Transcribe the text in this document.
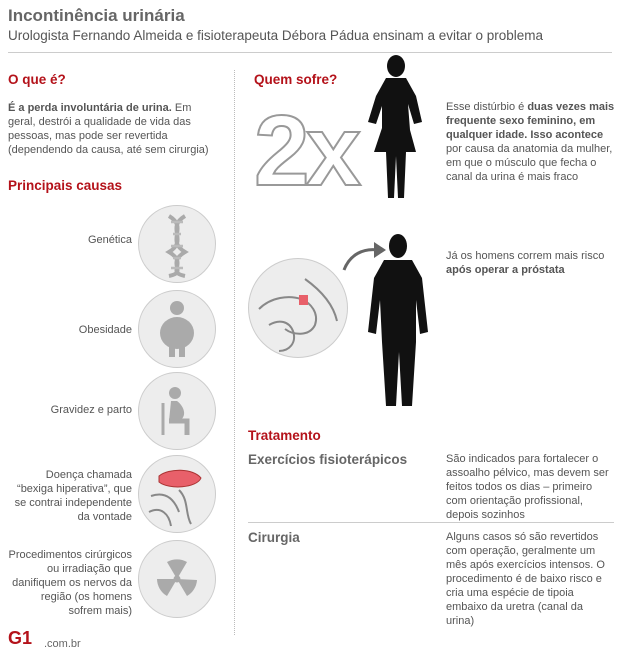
Incontinência urinária
Urologista Fernando Almeida e fisioterapeuta Débora Pádua ensinam a evitar o problema
O que é?
É a perda involuntária de urina. Em geral, destrói a qualidade de vida das pessoas, mas pode ser revertida (dependendo da causa, até sem cirurgia)
Principais causas
Genética
Obesidade
Gravidez e parto
Doença chamada “bexiga hiperativa”, que se contrai independente da vontade
Procedimentos cirúrgicos ou irradiação que danifiquem os nervos da região (os homens sofrem mais)
Quem sofre?
2x	Esse distúrbio é duas vezes mais frequente sexo feminino, em qualquer idade. Isso acontece por causa da anatomia da mulher, em que o músculo que fecha o canal da urina é mais fraco
Já os homens correm mais risco após operar a próstata
Tratamento
Exercícios fisioterápicos	São indicados para fortalecer o assoalho pélvico, mas devem ser feitos todos os dias – primeiro com orientação profissional, depois sozinhos
Cirurgia	Alguns casos só são revertidos com operação, geralmente um mês após exercícios intensos. O procedimento é de baixo risco e cria uma espécie de tipoia embaixo da uretra (canal da urina)
G1 .com.br
